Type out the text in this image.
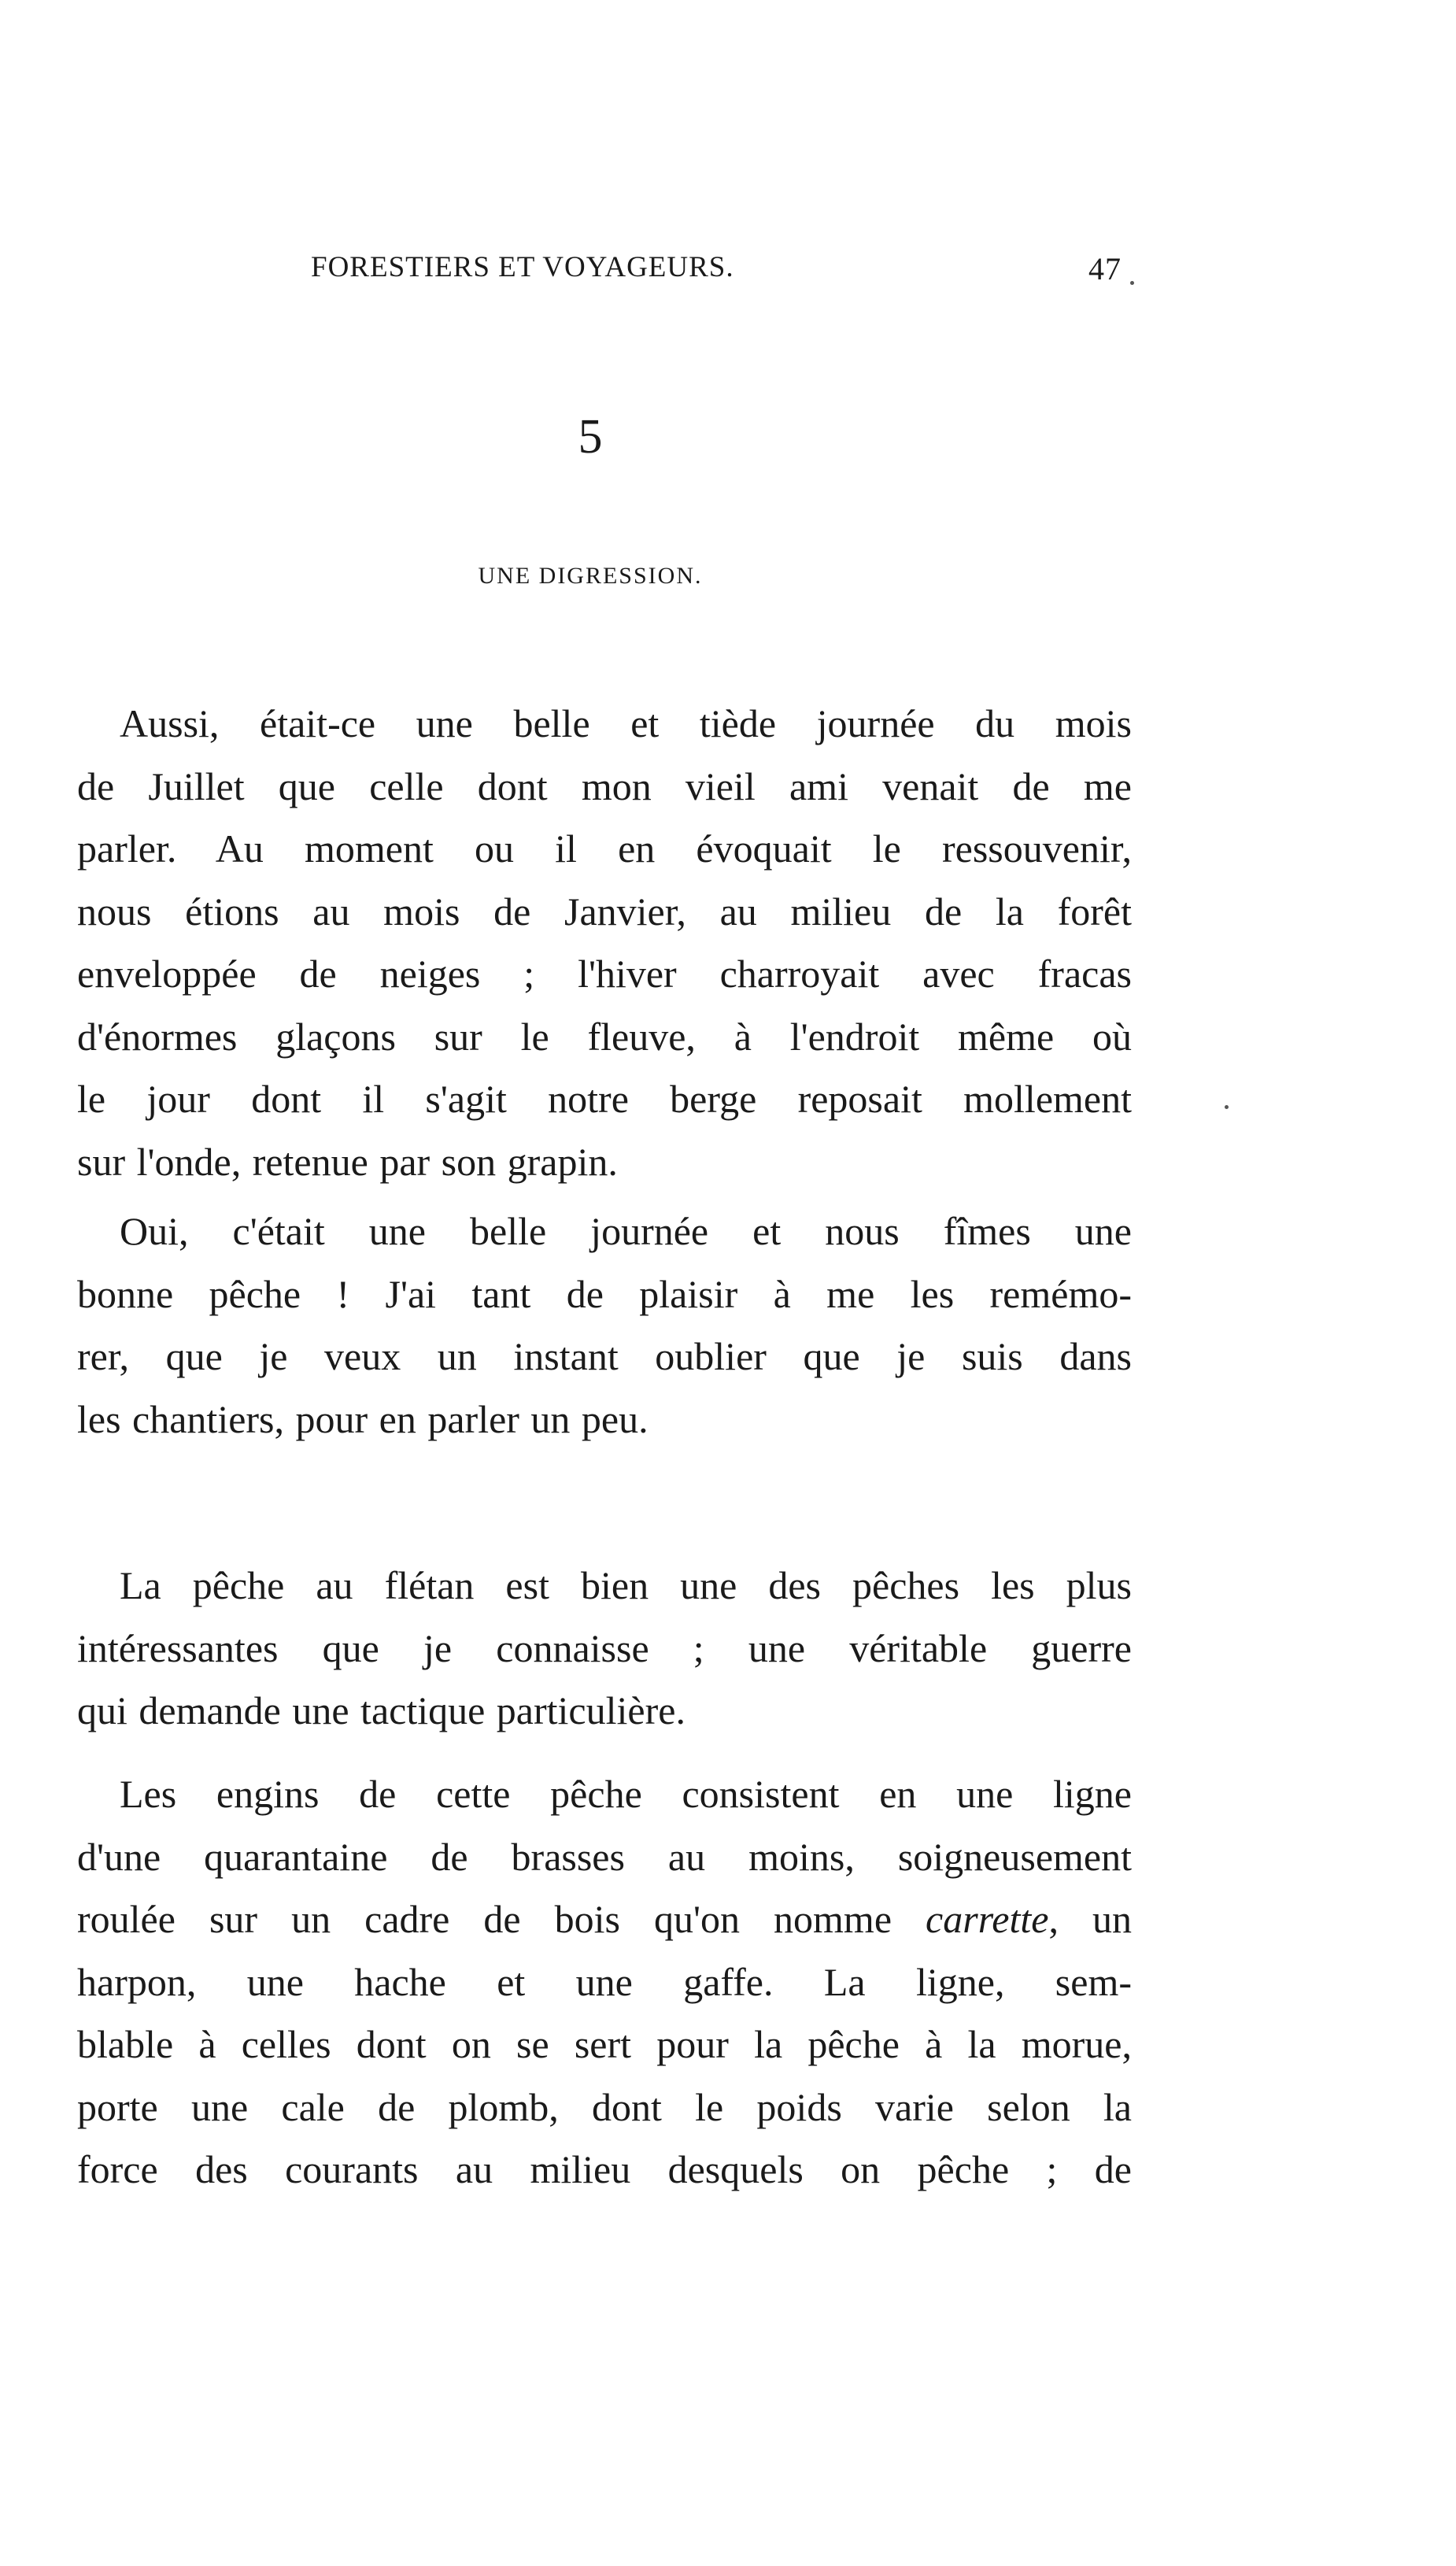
FORESTIERS ET VOYAGEURS.	47
5
UNE DIGRESSION.
Aussi, était-ce une belle et tiède journée du mois
de Juillet que celle dont mon vieil ami venait de me
parler. Au moment ou il en évoquait le ressouvenir,
nous étions au mois de Janvier, au milieu de la forêt
enveloppée de neiges ; l'hiver charroyait avec fracas
d'énormes glaçons sur le fleuve, à l'endroit même où
le jour dont il s'agit notre berge reposait mollement
sur l'onde, retenue par son grapin.
Oui, c'était une belle journée et nous fîmes une
bonne pêche ! J'ai tant de plaisir à me les remémo-
rer, que je veux un instant oublier que je suis dans
les chantiers, pour en parler un peu.
La pêche au flétan est bien une des pêches les plus
intéressantes que je connaisse ; une véritable guerre
qui demande une tactique particulière.
Les engins de cette pêche consistent en une ligne
d'une quarantaine de brasses au moins, soigneusement
roulée sur un cadre de bois qu'on nomme carrette, un
harpon, une hache et une gaffe. La ligne, sem-
blable à celles dont on se sert pour la pêche à la morue,
porte une cale de plomb, dont le poids varie selon la
force des courants au milieu desquels on pêche ; de
